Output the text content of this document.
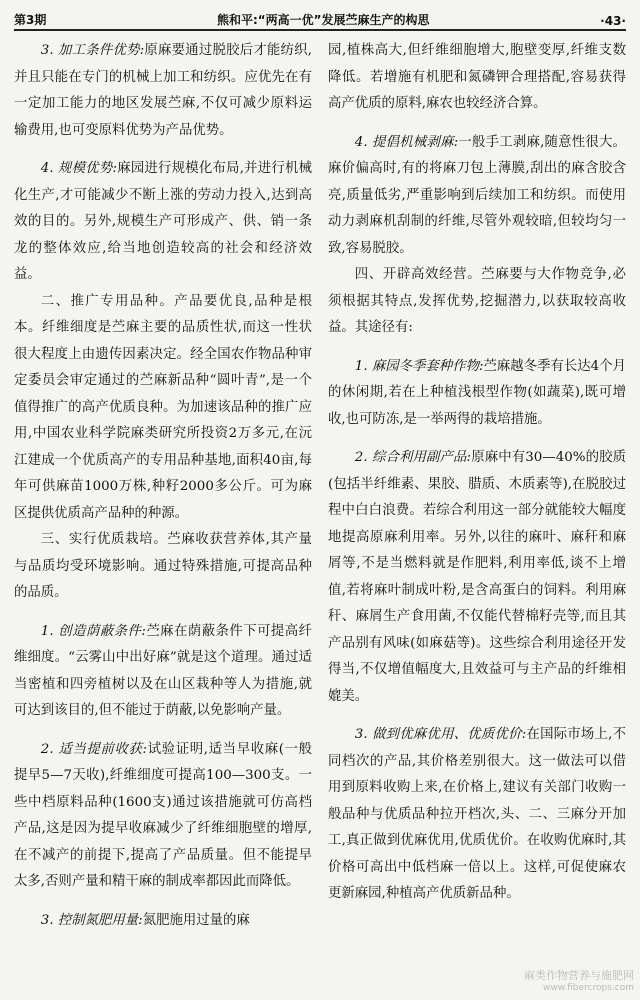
第3期	熊和平:“两高一优”发展苎麻生产的构思	·43·

3. 加工条件优势:原麻要通过脱胶后才能纺织,并且只能在专门的机械上加工和纺织。应优先在有一定加工能力的地区发展苎麻,不仅可减少原料运输费用,也可变原料优势为产品优势。

4. 规模优势:麻园进行规模化布局,并进行机械化生产,才可能减少不断上涨的劳动力投入,达到高效的目的。另外,规模生产可形成产、供、销一条龙的整体效应,给当地创造较高的社会和经济效益。

二、推广专用品种。产品要优良,品种是根本。纤维细度是苎麻主要的品质性状,而这一性状很大程度上由遗传因素决定。经全国农作物品种审定委员会审定通过的苎麻新品种“圆叶青”,是一个值得推广的高产优质良种。为加速该品种的推广应用,中国农业科学院麻类研究所投资2万多元,在沅江建成一个优质高产的专用品种基地,面积40亩,每年可供麻苗1000万株,种籽2000多公斤。可为麻区提供优质高产品种的种源。

三、实行优质栽培。苎麻收获营养体,其产量与品质均受环境影响。通过特殊措施,可提高品种的品质。

1. 创造荫蔽条件:苎麻在荫蔽条件下可提高纤维细度。“云雾山中出好麻”就是这个道理。通过适当密植和四旁植树以及在山区栽种等人为措施,就可达到该目的,但不能过于荫蔽,以免影响产量。

2. 适当提前收获:试验证明,适当早收麻(一般提早5—7天收),纤维细度可提高100—300支。一些中档原料品种(1600支)通过该措施就可仿高档产品,这是因为提早收麻减少了纤维细胞壁的增厚,在不减产的前提下,提高了产品质量。但不能提早太多,否则产量和精干麻的制成率都因此而降低。

3. 控制氮肥用量:氮肥施用过量的麻

园,植株高大,但纤维细胞增大,胞壁变厚,纤维支数降低。若增施有机肥和氮磷钾合理搭配,容易获得高产优质的原料,麻农也较经济合算。

4. 提倡机械剥麻:一般手工剥麻,随意性很大。麻价偏高时,有的将麻刀包上薄膜,刮出的麻含胶含亮,质量低劣,严重影响到后续加工和纺织。而使用动力剥麻机刮制的纤维,尽管外观较暗,但较均匀一致,容易脱胶。

四、开辟高效经营。苎麻要与大作物竞争,必须根据其特点,发挥优势,挖掘潜力,以获取较高收益。其途径有:

1. 麻园冬季套种作物:苎麻越冬季有长达4个月的休闲期,若在上种植浅根型作物(如蔬菜),既可增收,也可防冻,是一举两得的栽培措施。

2. 综合利用副产品:原麻中有30—40%的胶质(包括半纤维素、果胶、腊质、木质素等),在脱胶过程中白白浪费。若综合利用这一部分就能较大幅度地提高原麻利用率。另外,以往的麻叶、麻秆和麻屑等,不是当燃料就是作肥料,利用率低,谈不上增值,若将麻叶制成叶粉,是含高蛋白的饲料。利用麻秆、麻屑生产食用菌,不仅能代替棉籽壳等,而且其产品别有风味(如麻菇等)。这些综合利用途径开发得当,不仅增值幅度大,且效益可与主产品的纤维相媲美。

3. 做到优麻优用、优质优价:在国际市场上,不同档次的产品,其价格差别很大。这一做法可以借用到原料收购上来,在价格上,建议有关部门收购一般品种与优质品种拉开档次,头、二、三麻分开加工,真正做到优麻优用,优质优价。在收购优麻时,其价格可高出中低档麻一倍以上。这样,可促使麻农更新麻园,种植高产优质新品种。

麻类作物营养与施肥网
www.fibercrops.com
